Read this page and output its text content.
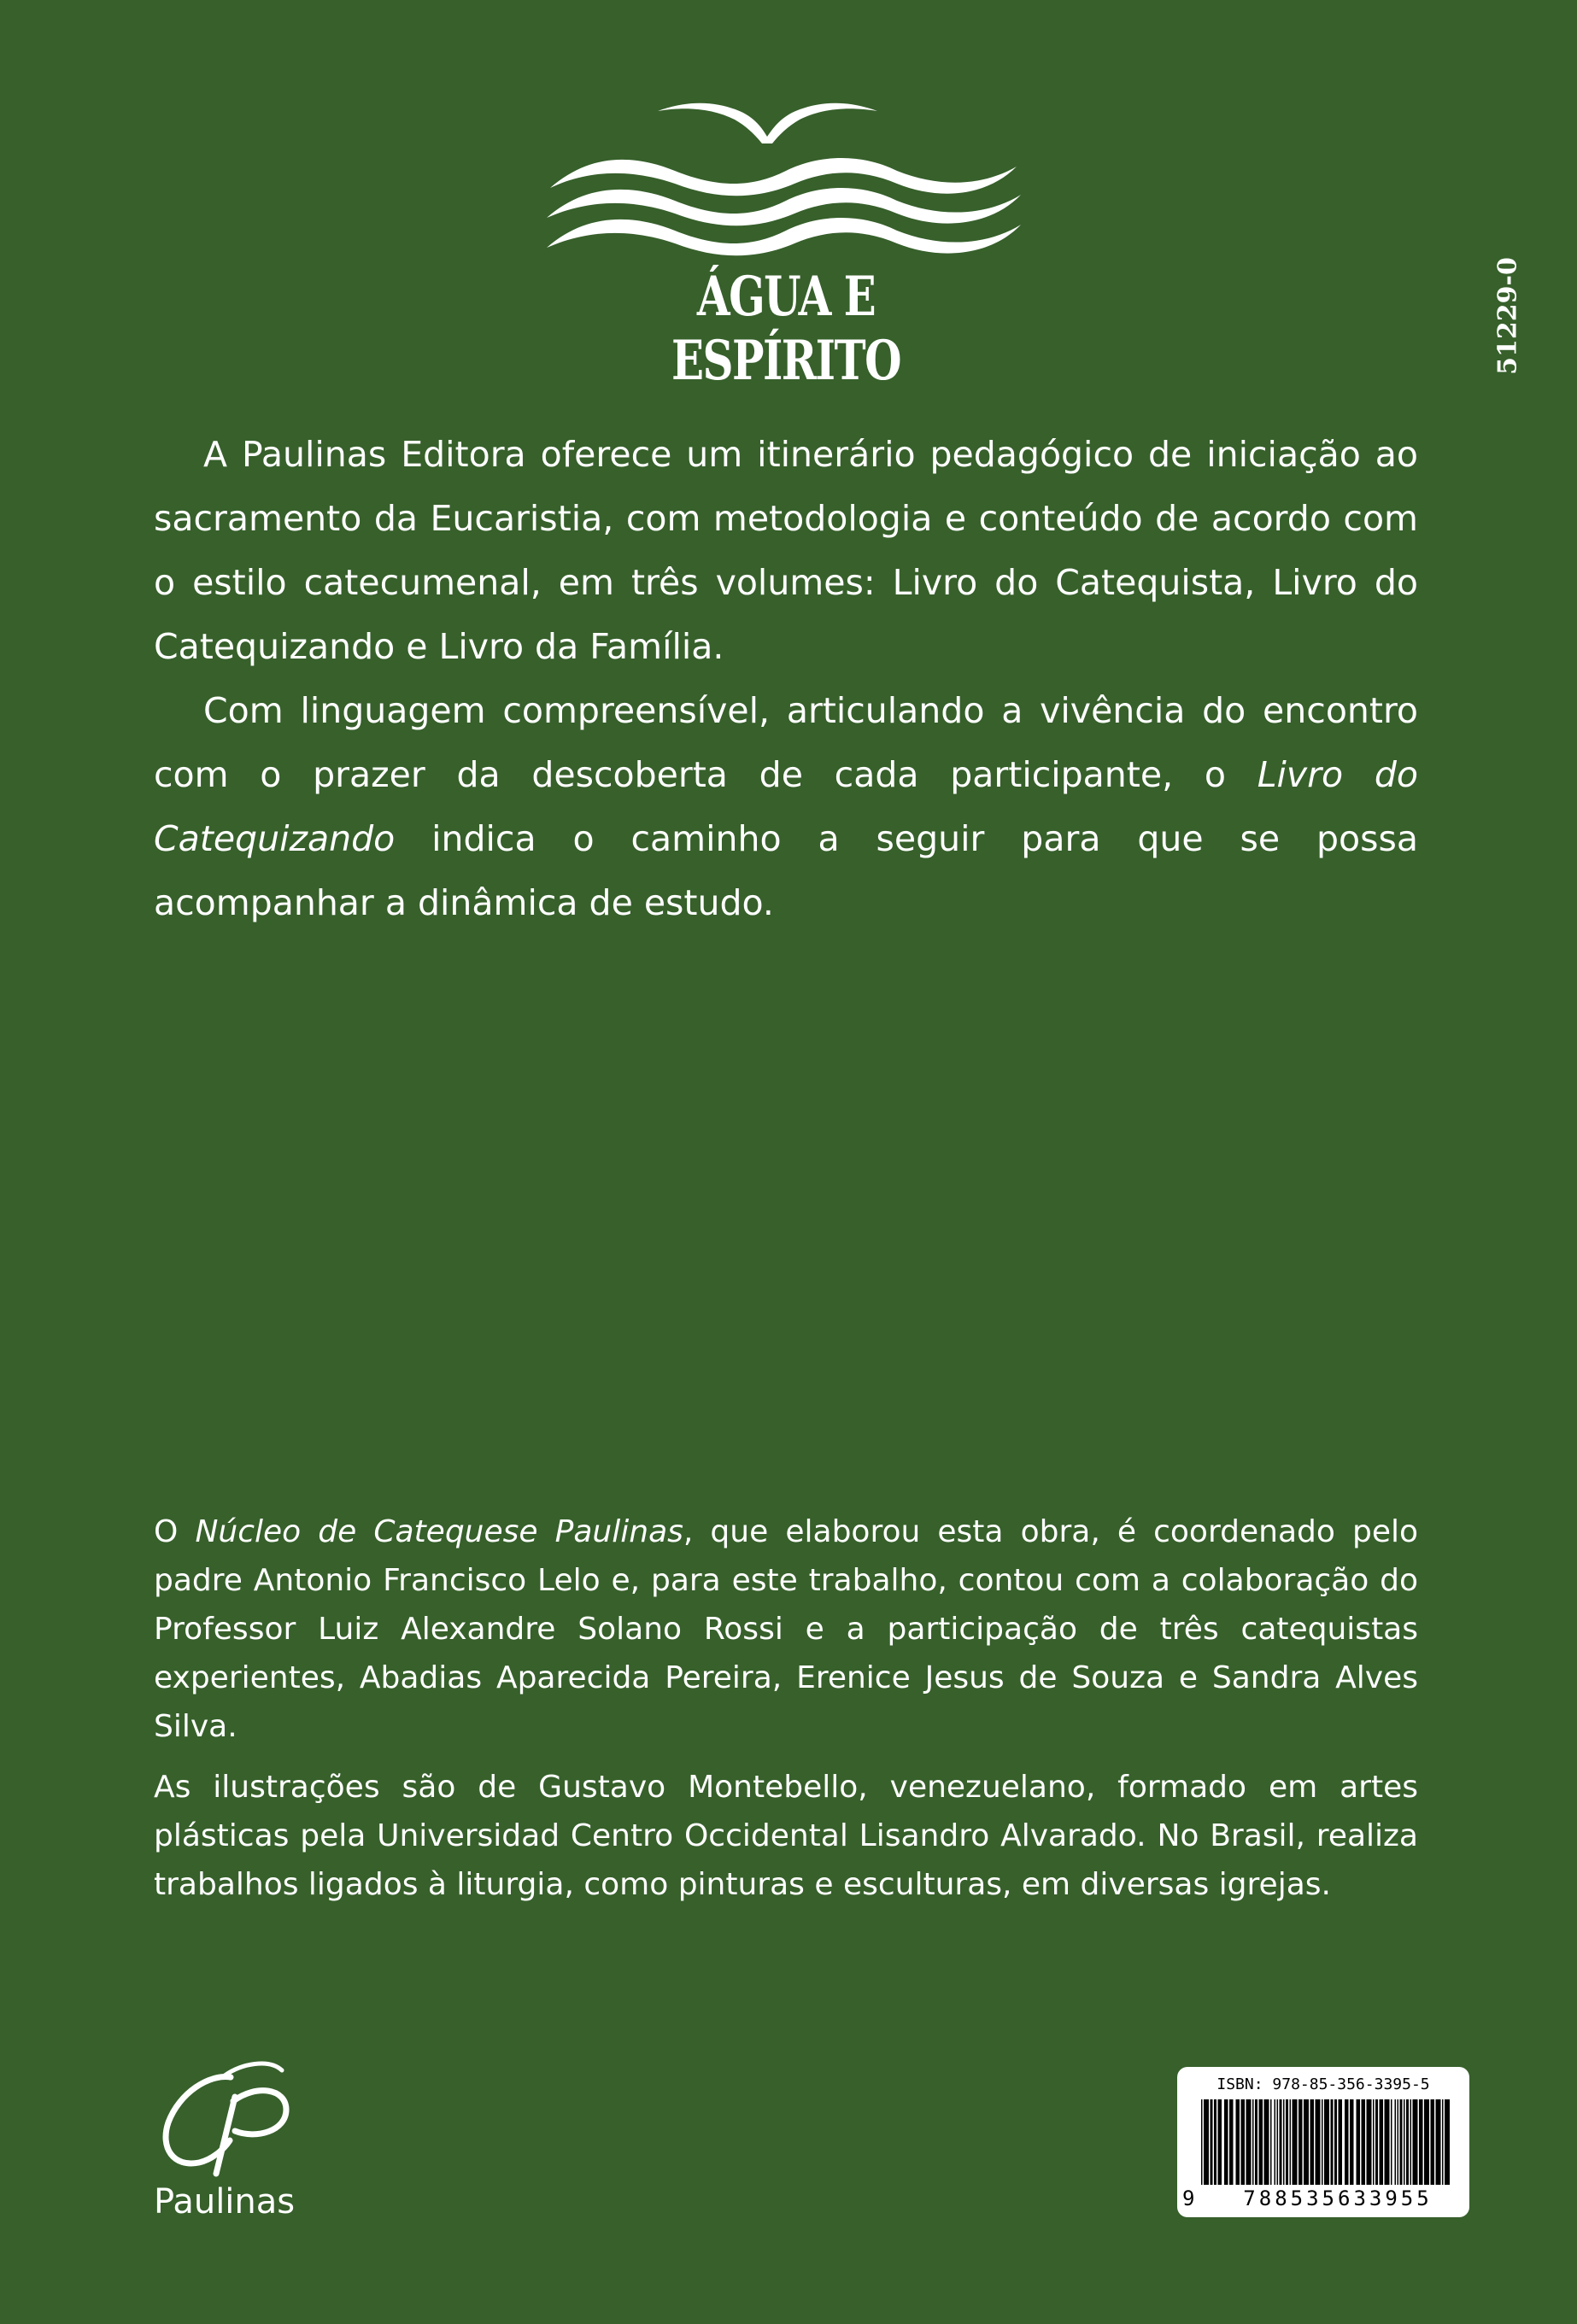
ÁGUA E ESPÍRITO	51229-0

A Paulinas Editora oferece um itinerário pedagógico de iniciação ao sacramento da Eucaristia, com metodologia e conteúdo de acordo com o estilo catecumenal, em três volumes: Livro do Catequista, Livro do Catequizando e Livro da Família.

Com linguagem compreensível, articulando a vivência do encontro com o prazer da descoberta de cada participante, o Livro do Catequizando indica o caminho a seguir para que se possa acompanhar a dinâmica de estudo.

O Núcleo de Catequese Paulinas, que elaborou esta obra, é coordenado pelo padre Antonio Francisco Lelo e, para este trabalho, contou com a colaboração do Professor Luiz Alexandre Solano Rossi e a participação de três catequistas experientes, Abadias Aparecida Pereira, Erenice Jesus de Souza e Sandra Alves Silva.

As ilustrações são de Gustavo Montebello, venezuelano, formado em artes plásticas pela Universidad Centro Occidental Lisandro Alvarado. No Brasil, realiza trabalhos ligados à liturgia, como pinturas e esculturas, em diversas igrejas.

Paulinas
ISBN: 978-85-356-3395-5
9	788535633955
